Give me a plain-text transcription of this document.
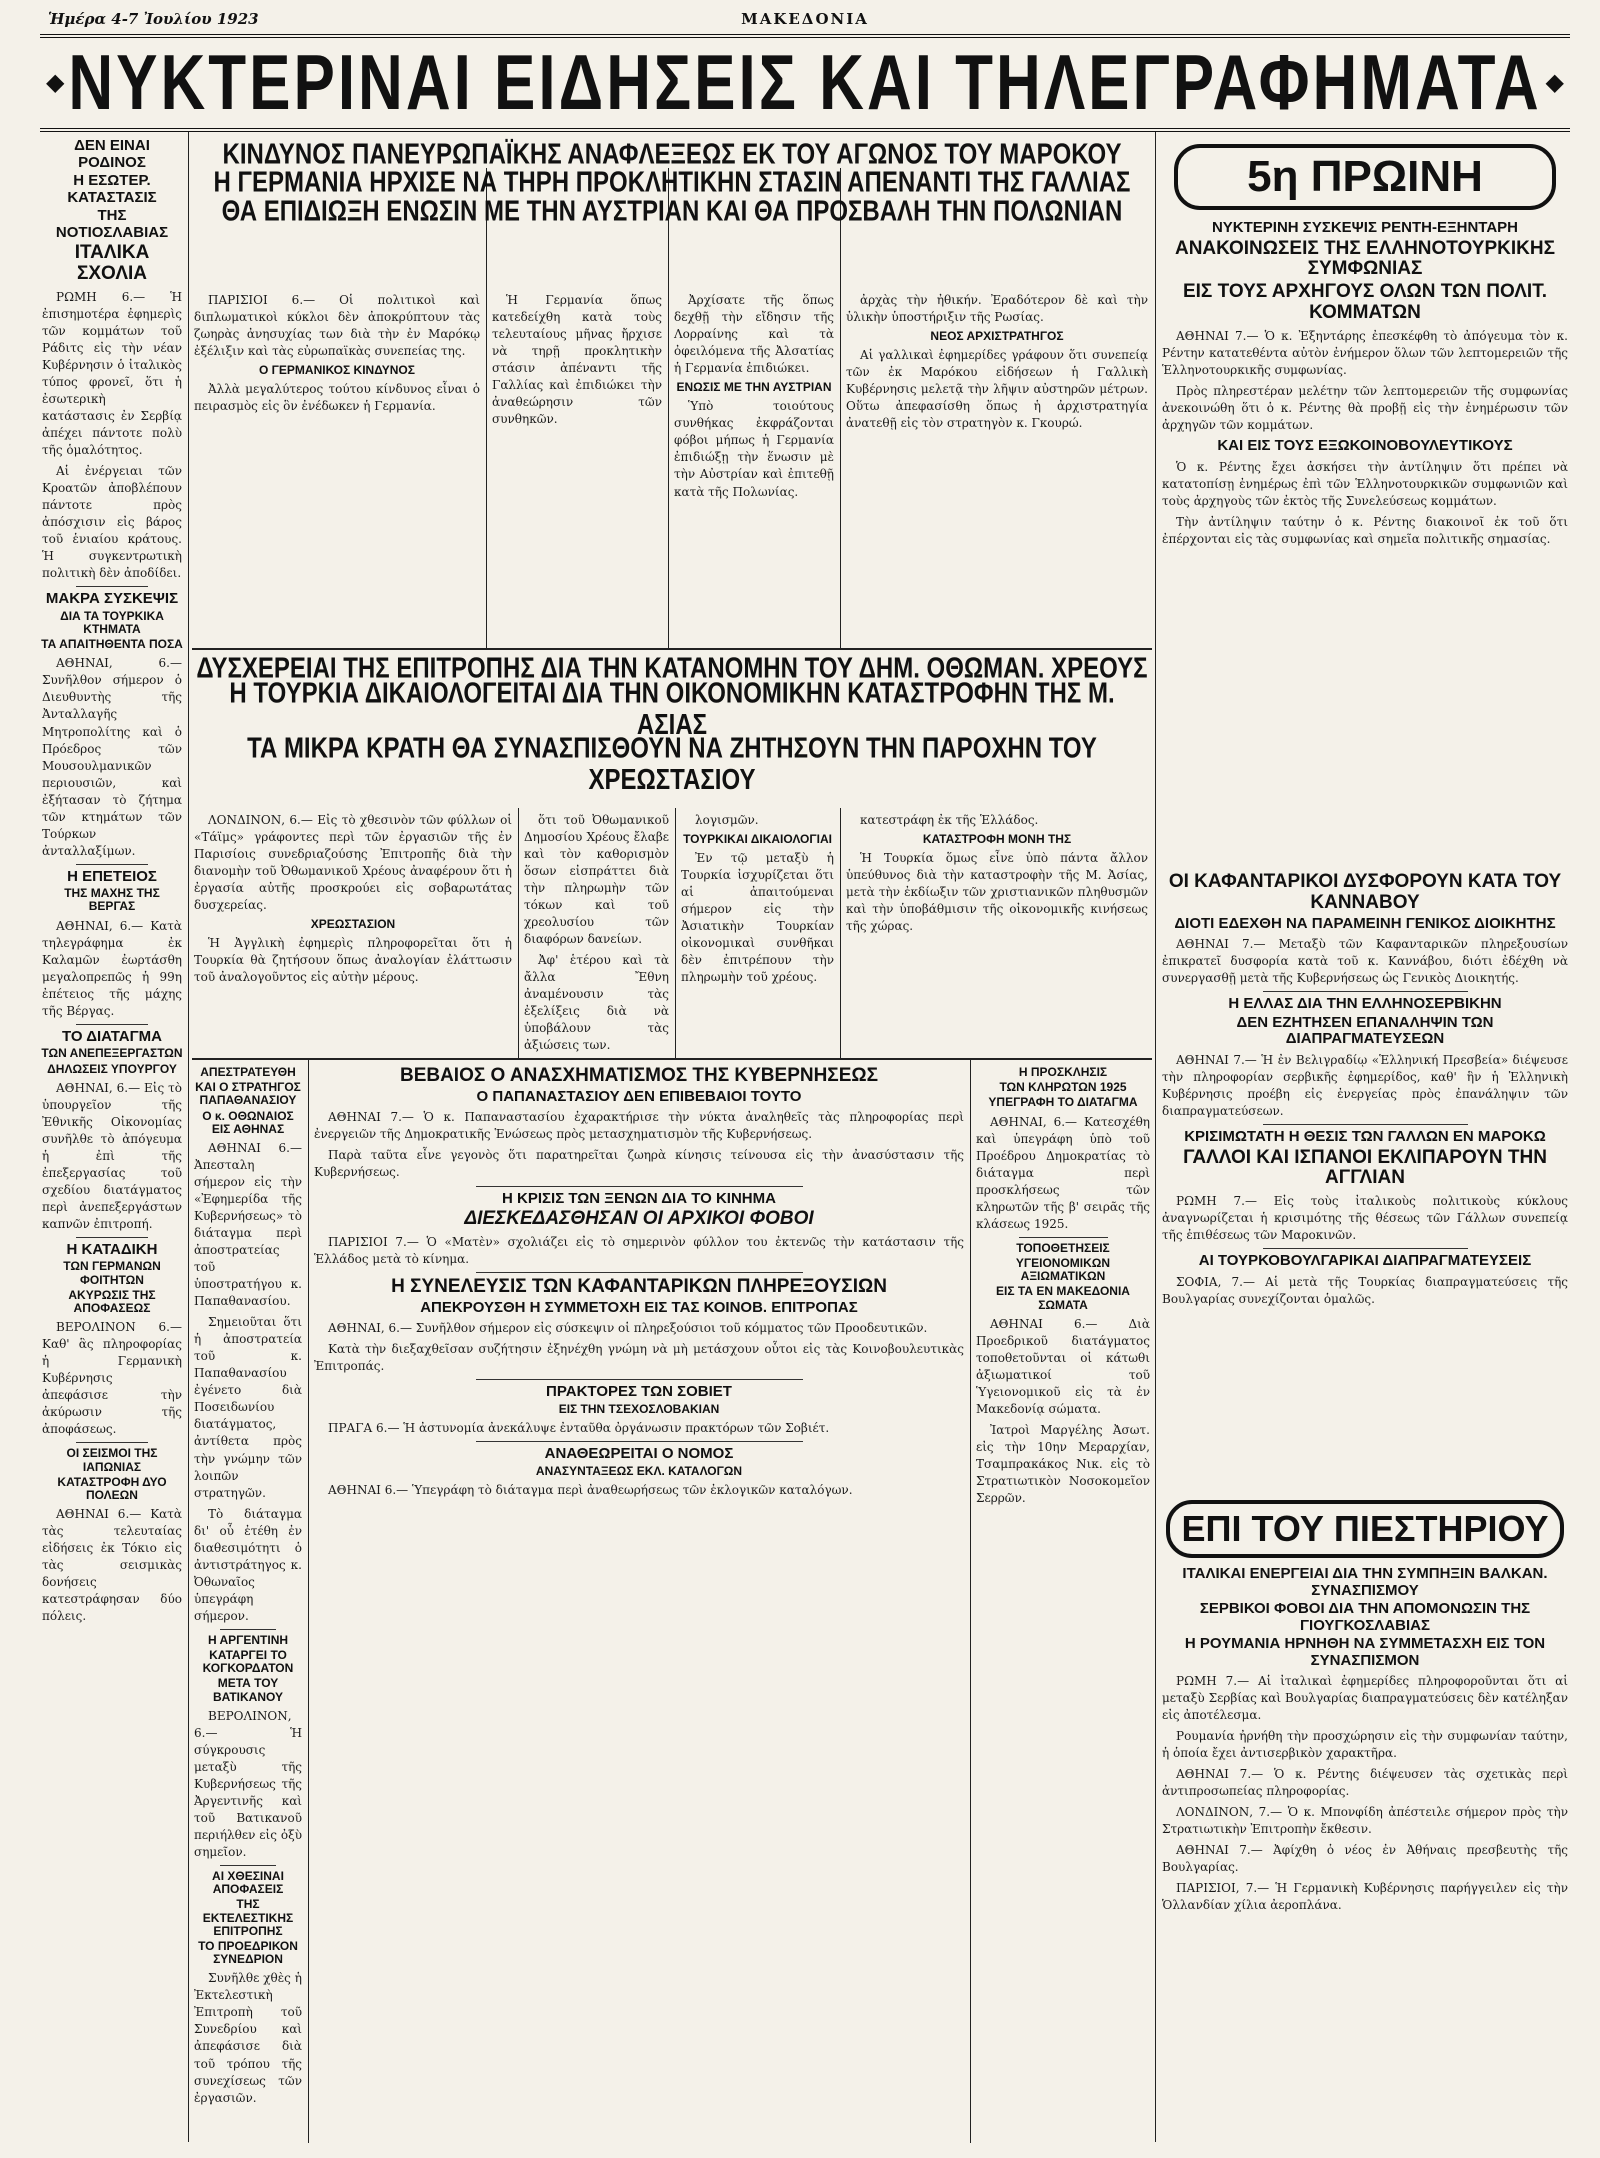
Ἡμέρα 4-7 Ἰουλίου 1923	ΜΑΚΕΔΟΝΙΑ
◆ ΝΥΚΤΕΡΙΝΑΙ ΕΙΔΗΣΕΙΣ ΚΑΙ ΤΗΛΕΓΡΑΦΗΜΑΤΑ ◆
ΔΕΝ ΕΙΝΑΙ ΡΟΔΙΝΟΣ
Η ΕΣΩΤΕΡ. ΚΑΤΑΣΤΑΣΙΣ
ΤΗΣ ΝΟΤΙΟΣΛΑΒΙΑΣ
ΙΤΑΛΙΚΑ ΣΧΟΛΙΑ

ΡΩΜΗ 6.— Ἡ ἐπισημοτέρα ἐφημερὶς τῶν κομμάτων τοῦ Ράδιτς εἰς τὴν νέαν Κυβέρνησιν ὁ ἰταλικὸς τύπος φρονεῖ, ὅτι ἡ ἐσωτερικὴ κατάστασις ἐν Σερβίᾳ ἀπέχει πάντοτε πολὺ τῆς ὁμαλότητος.

Αἱ ἐνέργειαι τῶν Κροατῶν ἀποβλέπουν πάντοτε πρὸς ἀπόσχισιν εἰς βάρος τοῦ ἑνιαίου κράτους. Ἡ συγκεντρωτικὴ πολιτικὴ δὲν ἀποδίδει.

ΜΑΚΡΑ ΣΥΣΚΕΨΙΣ
ΔΙΑ ΤΑ ΤΟΥΡΚΙΚΑ ΚΤΗΜΑΤΑ
ΤΑ ΑΠΑΙΤΗΘΕΝΤΑ ΠΟΣΑ

ΑΘΗΝΑΙ, 6.— Συνῆλθον σήμερον ὁ Διευθυντὴς τῆς Ἀνταλλαγῆς Μητροπολίτης καὶ ὁ Πρόεδρος τῶν Μουσουλμανικῶν περιουσιῶν, καὶ ἐξήτασαν τὸ ζήτημα τῶν κτημάτων τῶν Τούρκων ἀνταλλαξίμων.

Η ΕΠΕΤΕΙΟΣ
ΤΗΣ ΜΑΧΗΣ ΤΗΣ ΒΕΡΓΑΣ

ΑΘΗΝΑΙ, 6.— Κατὰ τηλεγράφημα ἐκ Καλαμῶν ἐωρτάσθη μεγαλοπρεπῶς ἡ 99η ἐπέτειος τῆς μάχης τῆς Βέργας.

ΤΟ ΔΙΑΤΑΓΜΑ
ΤΩΝ ΑΝΕΠΕΞΕΡΓΑΣΤΩΝ
ΔΗΛΩΣΕΙΣ ΥΠΟΥΡΓΟΥ

ΑΘΗΝΑΙ, 6.— Εἰς τὸ ὑπουργεῖον τῆς Ἐθνικῆς Οἰκονομίας συνῆλθε τὸ ἀπόγευμα ἡ ἐπὶ τῆς ἐπεξεργασίας τοῦ σχεδίου διατάγματος περὶ ἀνεπεξεργάστων καπνῶν ἐπιτροπή.

Η ΚΑΤΑΔΙΚΗ
ΤΩΝ ΓΕΡΜΑΝΩΝ ΦΟΙΤΗΤΩΝ
ΑΚΥΡΩΣΙΣ ΤΗΣ ΑΠΟΦΑΣΕΩΣ

ΒΕΡΟΛΙΝΟΝ 6.— Καθ' ἃς πληροφορίας ἡ Γερμανικὴ Κυβέρνησις ἀπεφάσισε τὴν ἀκύρωσιν τῆς ἀποφάσεως.

ΟΙ ΣΕΙΣΜΟΙ ΤΗΣ ΙΑΠΩΝΙΑΣ
ΚΑΤΑΣΤΡΟΦΗ ΔΥΟ ΠΟΛΕΩΝ

ΑΘΗΝΑΙ 6.— Κατὰ τὰς τελευταίας εἰδήσεις ἐκ Τόκιο εἰς τὰς σεισμικὰς δονήσεις κατεστράφησαν δύο πόλεις.

ΚΙΝΔΥΝΟΣ ΠΑΝΕΥΡΩΠΑΪΚΗΣ ΑΝΑΦΛΕΞΕΩΣ ΕΚ ΤΟΥ ΑΓΩΝΟΣ ΤΟΥ ΜΑΡΟΚΟΥ
Η ΓΕΡΜΑΝΙΑ ΗΡΧΙΣΕ ΝΑ ΤΗΡΗ ΠΡΟΚΛΗΤΙΚΗΝ ΣΤΑΣΙΝ ΑΠΕΝΑΝΤΙ ΤΗΣ ΓΑΛΛΙΑΣ
ΘΑ ΕΠΙΔΙΩΞΗ ΕΝΩΣΙΝ ΜΕ ΤΗΝ ΑΥΣΤΡΙΑΝ ΚΑΙ ΘΑ ΠΡΟΣΒΑΛΗ ΤΗΝ ΠΟΛΩΝΙΑΝ

ΠΑΡΙΣΙΟΙ 6.— Οἱ πολιτικοὶ καὶ διπλωματικοὶ κύκλοι δὲν ἀποκρύπτουν τὰς ζωηρὰς ἀνησυχίας των διὰ τὴν ἐν Μαρόκῳ ἐξέλιξιν καὶ τὰς εὐρωπαϊκὰς συνεπείας της.

Ο ΓΕΡΜΑΝΙΚΟΣ ΚΙΝΔΥΝΟΣ

Ἀλλὰ μεγαλύτερος τούτου κίνδυνος εἶναι ὁ πειρασμὸς εἰς ὃν ἐνέδωκεν ἡ Γερμανία.

Ἡ Γερμανία ὅπως κατεδείχθη κατὰ τοὺς τελευταίους μῆνας ἤρχισε νὰ τηρῇ προκλητικὴν στάσιν ἀπέναντι τῆς Γαλλίας καὶ ἐπιδιώκει τὴν ἀναθεώρησιν τῶν συνθηκῶν.

Ἀρχίσατε τῆς ὅπως δεχθῇ τὴν εἴδησιν τῆς Λορραίνης καὶ τὰ ὀφειλόμενα τῆς Ἀλσατίας ἡ Γερμανία ἐπιδιώκει.

ΕΝΩΣΙΣ ΜΕ ΤΗΝ ΑΥΣΤΡΙΑΝ

Ὑπὸ τοιούτους συνθήκας ἐκφράζονται φόβοι μήπως ἡ Γερμανία ἐπιδιώξῃ τὴν ἕνωσιν μὲ τὴν Αὐστρίαν καὶ ἐπιτεθῇ κατὰ τῆς Πολωνίας.

ἀρχὰς τὴν ἠθικήν. Ἐραδότερον δὲ καὶ τὴν ὑλικὴν ὑποστήριξιν τῆς Ρωσίας.

ΝΕΟΣ ΑΡΧΙΣΤΡΑΤΗΓΟΣ

Αἱ γαλλικαὶ ἐφημερίδες γράφουν ὅτι συνεπείᾳ τῶν ἐκ Μαρόκου εἰδήσεων ἡ Γαλλικὴ Κυβέρνησις μελετᾷ τὴν λῆψιν αὐστηρῶν μέτρων. Οὕτω ἀπεφασίσθη ὅπως ἡ ἀρχιστρατηγία ἀνατεθῇ εἰς τὸν στρατηγὸν κ. Γκουρώ.

5η ΠΡΩΙΝΗ
ΝΥΚΤΕΡΙΝΗ ΣΥΣΚΕΨΙΣ ΡΕΝΤΗ-ΕΞΗΝΤΑΡΗ
ΑΝΑΚΟΙΝΩΣΕΙΣ ΤΗΣ ΕΛΛΗΝΟΤΟΥΡΚΙΚΗΣ ΣΥΜΦΩΝΙΑΣ
ΕΙΣ ΤΟΥΣ ΑΡΧΗΓΟΥΣ ΟΛΩΝ ΤΩΝ ΠΟΛΙΤ. ΚΟΜΜΑΤΩΝ

ΑΘΗΝΑΙ 7.— Ὁ κ. Ἐξηντάρης ἐπεσκέφθη τὸ ἀπόγευμα τὸν κ. Ρέντην κατατεθέντα αὐτὸν ἐνήμερον ὅλων τῶν λεπτομερειῶν τῆς Ἑλληνοτουρκικῆς συμφωνίας.

Πρὸς πληρεστέραν μελέτην τῶν λεπτομερειῶν τῆς συμφωνίας ἀνεκοινώθη ὅτι ὁ κ. Ρέντης θὰ προβῇ εἰς τὴν ἐνημέρωσιν τῶν ἀρχηγῶν τῶν κομμάτων.

ΚΑΙ ΕΙΣ ΤΟΥΣ ΕΞΩΚΟΙΝΟΒΟΥΛΕΥΤΙΚΟΥΣ

Ὁ κ. Ρέντης ἔχει ἀσκήσει τὴν ἀντίληψιν ὅτι πρέπει νὰ κατατοπίσῃ ἐνημέρως ἐπὶ τῶν Ἑλληνοτουρκικῶν συμφωνιῶν καὶ τοὺς ἀρχηγοὺς τῶν ἐκτὸς τῆς Συνελεύσεως κομμάτων.

Τὴν ἀντίληψιν ταύτην ὁ κ. Ρέντης διακοινοῖ ἐκ τοῦ ὅτι ἐπέρχονται εἰς τὰς συμφωνίας καὶ σημεῖα πολιτικῆς σημασίας.

ΔΥΣΧΕΡΕΙΑΙ ΤΗΣ ΕΠΙΤΡΟΠΗΣ ΔΙΑ ΤΗΝ ΚΑΤΑΝΟΜΗΝ ΤΟΥ ΔΗΜ. ΟΘΩΜΑΝ. ΧΡΕΟΥΣ
Η ΤΟΥΡΚΙΑ ΔΙΚΑΙΟΛΟΓΕΙΤΑΙ ΔΙΑ ΤΗΝ ΟΙΚΟΝΟΜΙΚΗΝ ΚΑΤΑΣΤΡΟΦΗΝ ΤΗΣ Μ. ΑΣΙΑΣ
ΤΑ ΜΙΚΡΑ ΚΡΑΤΗ ΘΑ ΣΥΝΑΣΠΙΣΘΟΥΝ ΝΑ ΖΗΤΗΣΟΥΝ ΤΗΝ ΠΑΡΟΧΗΝ ΤΟΥ ΧΡΕΩΣΤΑΣΙΟΥ

ΛΟΝΔΙΝΟΝ, 6.— Εἰς τὸ χθεσινὸν τῶν φύλλων οἱ «Τάϊμς» γράφοντες περὶ τῶν ἐργασιῶν τῆς ἐν Παρισίοις συνεδριαζούσης Ἐπιτροπῆς διὰ τὴν διανομὴν τοῦ Ὀθωμανικοῦ Χρέους ἀναφέρουν ὅτι ἡ ἐργασία αὐτῆς προσκρούει εἰς σοβαρωτάτας δυσχερείας.

ΧΡΕΩΣΤΑΣΙΟΝ

Ἡ Ἀγγλικὴ ἐφημερὶς πληροφορεῖται ὅτι ἡ Τουρκία θὰ ζητήσουν ὅπως ἀναλογίαν ἐλάττωσιν τοῦ ἀναλογοῦντος εἰς αὐτὴν μέρους.

ὅτι τοῦ Ὀθωμανικοῦ Δημοσίου Χρέους ἔλαβε καὶ τὸν καθορισμὸν ὅσων εἰσπράττει διὰ τὴν πληρωμὴν τῶν τόκων καὶ τοῦ χρεολυσίου τῶν διαφόρων δανείων.

Ἀφ' ἑτέρου καὶ τὰ ἄλλα Ἔθνη ἀναμένουσιν τὰς ἐξελίξεις διὰ νὰ ὑποβάλουν τὰς ἀξιώσεις των.

λογισμῶν.

ΤΟΥΡΚΙΚΑΙ ΔΙΚΑΙΟΛΟΓΙΑΙ

Ἐν τῷ μεταξὺ ἡ Τουρκία ἰσχυρίζεται ὅτι αἱ ἀπαιτούμεναι σήμερον εἰς τὴν Ἀσιατικὴν Τουρκίαν οἰκονομικαὶ συνθῆκαι δὲν ἐπιτρέπουν τὴν πληρωμὴν τοῦ χρέους.

κατεστράφη ἐκ τῆς Ἑλλάδος.

ΚΑΤΑΣΤΡΟΦΗ ΜΟΝΗ ΤΗΣ

Ἡ Τουρκία ὅμως εἶνε ὑπὸ πάντα ἄλλον ὑπεύθυνος διὰ τὴν καταστροφὴν τῆς Μ. Ἀσίας, μετὰ τὴν ἐκδίωξιν τῶν χριστιανικῶν πληθυσμῶν καὶ τὴν ὑποβάθμισιν τῆς οἰκονομικῆς κινήσεως τῆς χώρας.

ΟΙ ΚΑΦΑΝΤΑΡΙΚΟΙ ΔΥΣΦΟΡΟΥΝ ΚΑΤΑ ΤΟΥ ΚΑΝΝΑΒΟΥ
ΔΙΟΤΙ ΕΔΕΧΘΗ ΝΑ ΠΑΡΑΜΕΙΝΗ ΓΕΝΙΚΟΣ ΔΙΟΙΚΗΤΗΣ

ΑΘΗΝΑΙ 7.— Μεταξὺ τῶν Καφανταρικῶν πληρεξουσίων ἐπικρατεῖ δυσφορία κατὰ τοῦ κ. Καννάβου, διότι ἐδέχθη νὰ συνεργασθῇ μετὰ τῆς Κυβερνήσεως ὡς Γενικὸς Διοικητής.

Η ΕΛΛΑΣ ΔΙΑ ΤΗΝ ΕΛΛΗΝΟΣΕΡΒΙΚΗΝ
ΔΕΝ ΕΖΗΤΗΣΕΝ ΕΠΑΝΑΛΗΨΙΝ ΤΩΝ ΔΙΑΠΡΑΓΜΑΤΕΥΣΕΩΝ

ΑΘΗΝΑΙ 7.— Ἡ ἐν Βελιγραδίῳ «Ἑλληνική Πρεσβεία» διέψευσε τὴν πληροφορίαν σερβικῆς ἐφημερίδος, καθ' ἣν ἡ Ἑλληνικὴ Κυβέρνησις προέβη εἰς ἐνεργείας πρὸς ἐπανάληψιν τῶν διαπραγματεύσεων.

ΚΡΙΣΙΜΩΤΑΤΗ Η ΘΕΣΙΣ ΤΩΝ ΓΑΛΛΩΝ ΕΝ ΜΑΡΟΚΩ
ΓΑΛΛΟΙ ΚΑΙ ΙΣΠΑΝΟΙ ΕΚΛΙΠΑΡΟΥΝ ΤΗΝ ΑΓΓΛΙΑΝ

ΡΩΜΗ 7.— Εἰς τοὺς ἰταλικοὺς πολιτικοὺς κύκλους ἀναγνωρίζεται ἡ κρισιμότης τῆς θέσεως τῶν Γάλλων συνεπείᾳ τῆς ἐπιθέσεως τῶν Μαροκινῶν.

ΑΙ ΤΟΥΡΚΟΒΟΥΛΓΑΡΙΚΑΙ ΔΙΑΠΡΑΓΜΑΤΕΥΣΕΙΣ

ΣΟΦΙΑ, 7.— Αἱ μετὰ τῆς Τουρκίας διαπραγματεύσεις τῆς Βουλγαρίας συνεχίζονται ὁμαλῶς.

ΑΠΕΣΤΡΑΤΕΥΘΗ
ΚΑΙ Ο ΣΤΡΑΤΗΓΟΣ ΠΑΠΑΘΑΝΑΣΙΟΥ
Ο κ. ΟΘΩΝΑΙΟΣ ΕΙΣ ΑΘΗΝΑΣ

ΑΘΗΝΑΙ 6.— Ἀπεσταλη σήμερον εἰς τὴν «Ἐφημερίδα τῆς Κυβερνήσεως» τὸ διάταγμα περὶ ἀποστρατείας τοῦ ὑποστρατήγου κ. Παπαθανασίου.

Σημειοῦται ὅτι ἡ ἀποστρατεία τοῦ κ. Παπαθανασίου ἐγένετο διὰ Ποσειδωνίου διατάγματος, ἀντίθετα πρὸς τὴν γνώμην τῶν λοιπῶν στρατηγῶν.

Τὸ διάταγμα δι' οὗ ἐτέθη ἐν διαθεσιμότητι ὁ ἀντιστράτηγος κ. Ὀθωναῖος ὑπεγράφη σήμερον.

Η ΑΡΓΕΝΤΙΝΗ
ΚΑΤΑΡΓΕΙ ΤΟ ΚΟΓΚΟΡΔΑΤΟΝ
ΜΕΤΑ ΤΟΥ ΒΑΤΙΚΑΝΟΥ

ΒΕΡΟΛΙΝΟΝ, 6.— Ἡ σύγκρουσις μεταξὺ τῆς Κυβερνήσεως τῆς Ἀργεντινῆς καὶ τοῦ Βατικανοῦ περιήλθεν εἰς ὀξὺ σημεῖον.

ΑΙ ΧΘΕΣΙΝΑΙ ΑΠΟΦΑΣΕΙΣ
ΤΗΣ ΕΚΤΕΛΕΣΤΙΚΗΣ ΕΠΙΤΡΟΠΗΣ
ΤΟ ΠΡΟΕΔΡΙΚΟΝ ΣΥΝΕΔΡΙΟΝ

Συνῆλθε χθὲς ἡ Ἐκτελεστικὴ Ἐπιτροπὴ τοῦ Συνεδρίου καὶ ἀπεφάσισε διὰ τοῦ τρόπου τῆς συνεχίσεως τῶν ἐργασιῶν.

ΒΕΒΑΙΟΣ Ο ΑΝΑΣΧΗΜΑΤΙΣΜΟΣ ΤΗΣ ΚΥΒΕΡΝΗΣΕΩΣ
Ο ΠΑΠΑΝΑΣΤΑΣΙΟΥ ΔΕΝ ΕΠΙΒΕΒΑΙΟΙ ΤΟΥΤΟ

ΑΘΗΝΑΙ 7.— Ὁ κ. Παπαναστασίου ἐχαρακτήρισε τὴν νύκτα ἀναληθεῖς τὰς πληροφορίας περὶ ἐνεργειῶν τῆς Δημοκρατικῆς Ἑνώσεως πρὸς μετασχηματισμὸν τῆς Κυβερνήσεως.

Παρὰ ταῦτα εἶνε γεγονὸς ὅτι παρατηρεῖται ζωηρὰ κίνησις τείνουσα εἰς τὴν ἀνασύστασιν τῆς Κυβερνήσεως.

Η ΚΡΙΣΙΣ ΤΩΝ ΞΕΝΩΝ ΔΙΑ ΤΟ ΚΙΝΗΜΑ
ΔΙΕΣΚΕΔΑΣΘΗΣΑΝ ΟΙ ΑΡΧΙΚΟΙ ΦΟΒΟΙ

ΠΑΡΙΣΙΟΙ 7.— Ὁ «Ματὲν» σχολιάζει εἰς τὸ σημερινὸν φύλλον του ἐκτενῶς τὴν κατάστασιν τῆς Ἑλλάδος μετὰ τὸ κίνημα.

Η ΣΥΝΕΛΕΥΣΙΣ ΤΩΝ ΚΑΦΑΝΤΑΡΙΚΩΝ ΠΛΗΡΕΞΟΥΣΙΩΝ
ΑΠΕΚΡΟΥΣΘΗ Η ΣΥΜΜΕΤΟΧΗ ΕΙΣ ΤΑΣ ΚΟΙΝΟΒ. ΕΠΙΤΡΟΠΑΣ

ΑΘΗΝΑΙ, 6.— Συνῆλθον σήμερον εἰς σύσκεψιν οἱ πληρεξούσιοι τοῦ κόμματος τῶν Προοδευτικῶν.

Κατὰ τὴν διεξαχθεῖσαν συζήτησιν ἐξηνέχθη γνώμη νὰ μὴ μετάσχουν οὗτοι εἰς τὰς Κοινοβουλευτικὰς Ἐπιτροπάς.

ΠΡΑΚΤΟΡΕΣ ΤΩΝ ΣΟΒΙΕΤ
ΕΙΣ ΤΗΝ ΤΣΕΧΟΣΛΟΒΑΚΙΑΝ

ΠΡΑΓΑ 6.— Ἡ ἀστυνομία ἀνεκάλυψε ἐνταῦθα ὀργάνωσιν πρακτόρων τῶν Σοβιέτ.

ΑΝΑΘΕΩΡΕΙΤΑΙ Ο ΝΟΜΟΣ
ΑΝΑΣΥΝΤΑΞΕΩΣ ΕΚΛ. ΚΑΤΑΛΟΓΩΝ

ΑΘΗΝΑΙ 6.— Ὑπεγράφη τὸ διάταγμα περὶ ἀναθεωρήσεως τῶν ἐκλογικῶν καταλόγων.

Η ΠΡΟΣΚΛΗΣΙΣ
ΤΩΝ ΚΛΗΡΩΤΩΝ 1925
ΥΠΕΓΡΑΦΗ ΤΟ ΔΙΑΤΑΓΜΑ

ΑΘΗΝΑΙ, 6.— Κατεσχέθη καὶ ὑπεγράφη ὑπὸ τοῦ Προέδρου Δημοκρατίας τὸ διάταγμα περὶ προσκλήσεως τῶν κληρωτῶν τῆς β' σειρᾶς τῆς κλάσεως 1925.

ΤΟΠΟΘΕΤΗΣΕΙΣ
ΥΓΕΙΟΝΟΜΙΚΩΝ ΑΞΙΩΜΑΤΙΚΩΝ
ΕΙΣ ΤΑ ΕΝ ΜΑΚΕΔΟΝΙΑ ΣΩΜΑΤΑ

ΑΘΗΝΑΙ 6.— Διὰ Προεδρικοῦ διατάγματος τοποθετοῦνται οἱ κάτωθι ἀξιωματικοί τοῦ Ὑγειονομικοῦ εἰς τὰ ἐν Μακεδονίᾳ σώματα.

Ἰατροὶ Μαργέλης Ἀσωτ. εἰς τὴν 10ην Μεραρχίαν, Τσαμπρακάκος Νικ. εἰς τὸ Στρατιωτικὸν Νοσοκομεῖον Σερρῶν.

ΕΠΙ ΤΟΥ ΠΙΕΣΤΗΡΙΟΥ
ΙΤΑΛΙΚΑΙ ΕΝΕΡΓΕΙΑΙ ΔΙΑ ΤΗΝ ΣΥΜΠΗΞΙΝ ΒΑΛΚΑΝ. ΣΥΝΑΣΠΙΣΜΟΥ
ΣΕΡΒΙΚΟΙ ΦΟΒΟΙ ΔΙΑ ΤΗΝ ΑΠΟΜΟΝΩΣΙΝ ΤΗΣ ΓΙΟΥΓΚΟΣΛΑΒΙΑΣ
Η ΡΟΥΜΑΝΙΑ ΗΡΝΗΘΗ ΝΑ ΣΥΜΜΕΤΑΣΧΗ ΕΙΣ ΤΟΝ ΣΥΝΑΣΠΙΣΜΟΝ

ΡΩΜΗ 7.— Αἱ ἰταλικαὶ ἐφημερίδες πληροφοροῦνται ὅτι αἱ μεταξὺ Σερβίας καὶ Βουλγαρίας διαπραγματεύσεις δὲν κατέληξαν εἰς ἀποτέλεσμα.

Ρουμανία ἠρνήθη τὴν προσχώρησιν εἰς τὴν συμφωνίαν ταύτην, ἡ ὁποία ἔχει ἀντισερβικὸν χαρακτῆρα.

ΑΘΗΝΑΙ 7.— Ὁ κ. Ρέντης διέψευσεν τὰς σχετικὰς περὶ ἀντιπροσωπείας πληροφορίας.

ΛΟΝΔΙΝΟΝ, 7.— Ὁ κ. Μπονφίδη ἀπέστειλε σήμερον πρὸς τὴν Στρατιωτικὴν Ἐπιτροπὴν ἔκθεσιν.

ΑΘΗΝΑΙ 7.— Ἀφίχθη ὁ νέος ἐν Ἀθήναις πρεσβευτὴς τῆς Βουλγαρίας.

ΠΑΡΙΣΙΟΙ, 7.— Ἡ Γερμανικὴ Κυβέρνησις παρήγγειλεν εἰς τὴν Ὁλλανδίαν χίλια ἀεροπλάνα.
